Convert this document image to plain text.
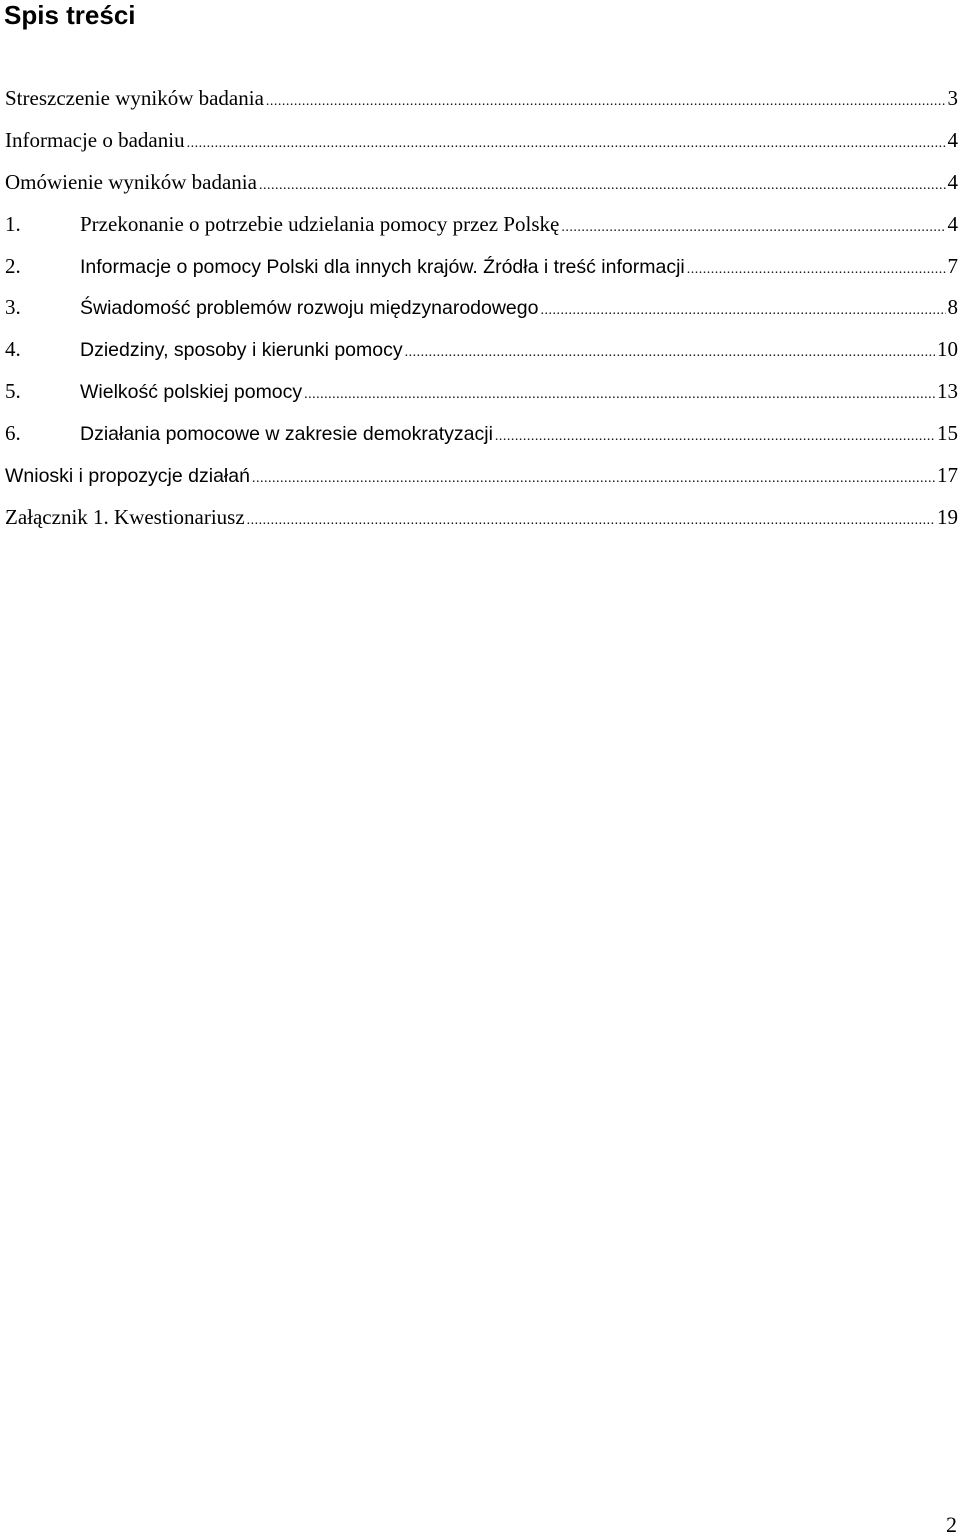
Spis treści
Streszczenie wyników badania .....	3
Informacje o badaniu .....	4
Omówienie wyników badania .....	4
1.	Przekonanie o potrzebie udzielania pomocy przez Polskę .....	4
2.	Informacje o pomocy Polski dla innych krajów. Źródła i treść informacji .....	7
3.	Świadomość problemów rozwoju międzynarodowego .....	8
4.	Dziedziny, sposoby i kierunki pomocy .....	10
5.	Wielkość polskiej pomocy .....	13
6.	Działania pomocowe w zakresie demokratyzacji .....	15
Wnioski i propozycje działań .....	17
Załącznik 1. Kwestionariusz .....	19
2
